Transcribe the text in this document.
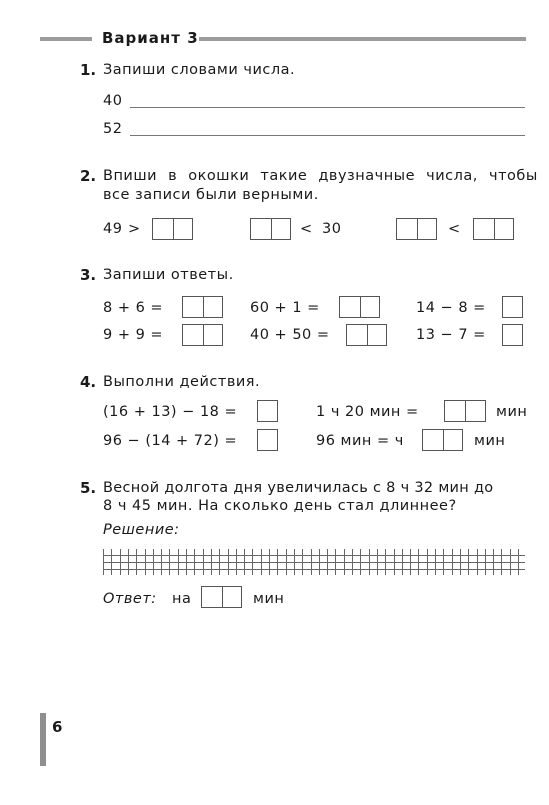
Вариант 3
1. Запиши словами числа.
40
52
2. Впиши в окошки такие двузначные числа, чтобы
все записи были верными.
49 >	< 30	<
3. Запиши ответы.
8 + 6 =	60 + 1 =	14 − 8 =
9 + 9 =	40 + 50 =	13 − 7 =
4. Выполни действия.
(16 + 13) − 18 =	1 ч 20 мин =	мин
96 − (14 + 72) =	96 мин = ч	мин
5. Весной долгота дня увеличилась с 8 ч 32 мин до
8 ч 45 мин. На сколько день стал длиннее?
Решение:
Ответ: на	мин
6
